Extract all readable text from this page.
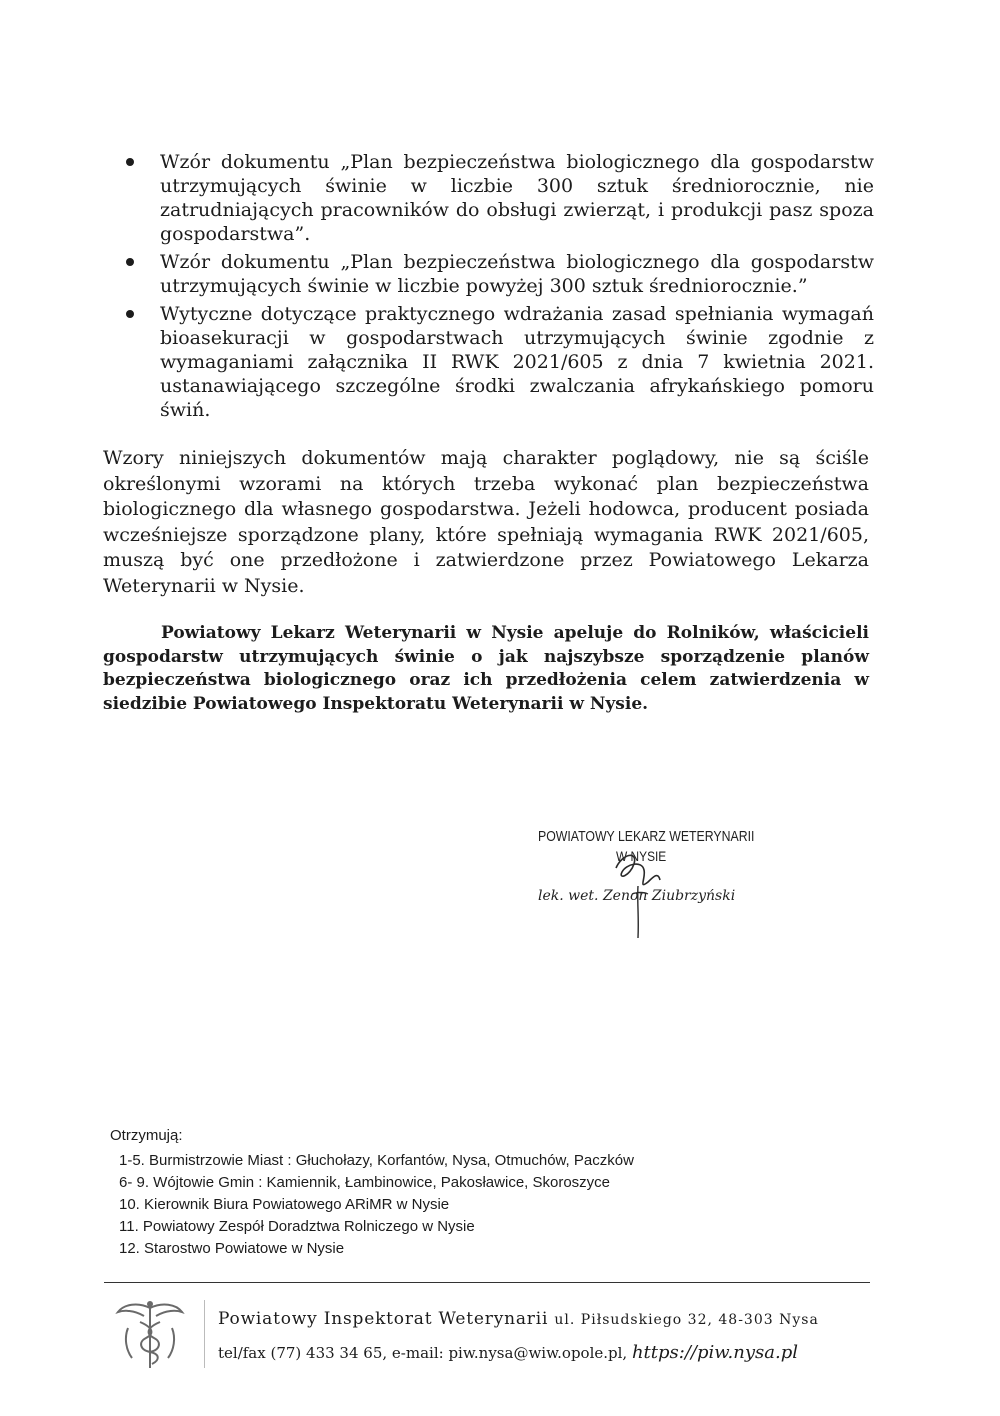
Wzór dokumentu „Plan bezpieczeństwa biologicznego dla gospodarstw utrzymujących świnie w liczbie 300 sztuk średniorocznie, nie zatrudniających pracowników do obsługi zwierząt, i produkcji pasz spoza gospodarstwa”.
Wzór dokumentu „Plan bezpieczeństwa biologicznego dla gospodarstw utrzymujących świnie w liczbie powyżej 300 sztuk średniorocznie.”
Wytyczne dotyczące praktycznego wdrażania zasad spełniania wymagań bioasekuracji w gospodarstwach utrzymujących świnie zgodnie z wymaganiami załącznika II RWK 2021/605 z dnia 7 kwietnia 2021. ustanawiającego szczególne środki zwalczania afrykańskiego pomoru świń.

Wzory niniejszych dokumentów mają charakter poglądowy, nie są ściśle określonymi wzorami na których trzeba wykonać plan bezpieczeństwa biologicznego dla własnego gospodarstwa. Jeżeli hodowca, producent posiada wcześniejsze sporządzone plany, które spełniają wymagania RWK 2021/605, muszą być one przedłożone i zatwierdzone przez Powiatowego Lekarza Weterynarii w Nysie.

Powiatowy Lekarz Weterynarii w Nysie apeluje do Rolników, właścicieli gospodarstw utrzymujących świnie o jak najszybsze sporządzenie planów bezpieczeństwa biologicznego oraz ich przedłożenia celem zatwierdzenia w siedzibie Powiatowego Inspektoratu Weterynarii w Nysie.

POWIATOWY LEKARZ WETERYNARII
W NYSIE
lek. wet. Zenon Ziubrzyński
Otrzymują:
1-5. Burmistrzowie Miast : Głuchołazy, Korfantów, Nysa, Otmuchów, Paczków
6- 9. Wójtowie Gmin : Kamiennik, Łambinowice, Pakosławice, Skoroszyce
10. Kierownik Biura Powiatowego ARiMR w Nysie
11. Powiatowy Zespół Doradztwa Rolniczego w Nysie
12. Starostwo Powiatowe w Nysie
Powiatowy Inspektorat Weterynarii ul. Piłsudskiego 32, 48-303 Nysa
tel/fax (77) 433 34 65, e-mail: piw.nysa@wiw.opole.pl, https://piw.nysa.pl
